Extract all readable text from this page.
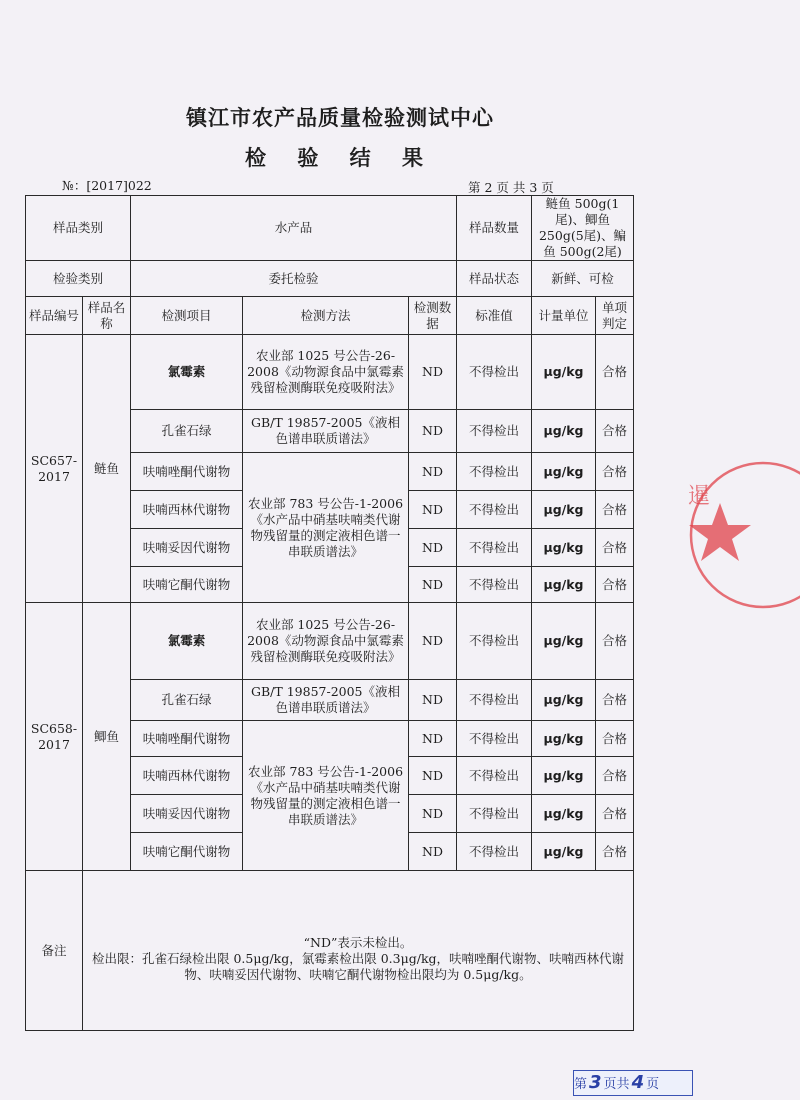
镇江市农产品质量检验测试中心
检 验 结 果
№：[2017]022	第 2 页 共 3 页
样品类别		水产品			样品数量	鲢鱼 500g(1尾)、鲫鱼 250g(5尾)、鳊鱼 500g(2尾)	
检验类别		委托检验			样品状态	新鲜、可检	
样品编号	样品名称	检测项目	检测方法	检测数据	标准值	计量单位	单项判定
SC657-2017	鲢鱼	氯霉素	农业部 1025 号公告-26-2008《动物源食品中氯霉素残留检测酶联免疫吸附法》	ND	不得检出	μg/kg	合格
		孔雀石绿	GB/T 19857-2005《液相色谱串联质谱法》	ND	不得检出	μg/kg	合格
		呋喃唑酮代谢物	农业部 783 号公告-1-2006《水产品中硝基呋喃类代谢物残留量的测定液相色谱一串联质谱法》	ND	不得检出	μg/kg	合格
		呋喃西林代谢物		ND	不得检出	μg/kg	合格
		呋喃妥因代谢物		ND	不得检出	μg/kg	合格
		呋喃它酮代谢物		ND	不得检出	μg/kg	合格
SC658-2017	鲫鱼	氯霉素	农业部 1025 号公告-26-2008《动物源食品中氯霉素残留检测酶联免疫吸附法》	ND	不得检出	μg/kg	合格
		孔雀石绿	GB/T 19857-2005《液相色谱串联质谱法》	ND	不得检出	μg/kg	合格
		呋喃唑酮代谢物	农业部 783 号公告-1-2006《水产品中硝基呋喃类代谢物残留量的测定液相色谱一串联质谱法》	ND	不得检出	μg/kg	合格
		呋喃西林代谢物		ND	不得检出	μg/kg	合格
		呋喃妥因代谢物		ND	不得检出	μg/kg	合格
		呋喃它酮代谢物		ND	不得检出	μg/kg	合格
备注	“ND”表示未检出。
检出限：孔雀石绿检出限 0.5μg/kg，氯霉素检出限 0.3μg/kg，呋喃唑酮代谢物、呋喃西林代谢物、呋喃妥因代谢物、呋喃它酮代谢物检出限均为 0.5μg/kg。						
暹
第 3 页共 4 页
